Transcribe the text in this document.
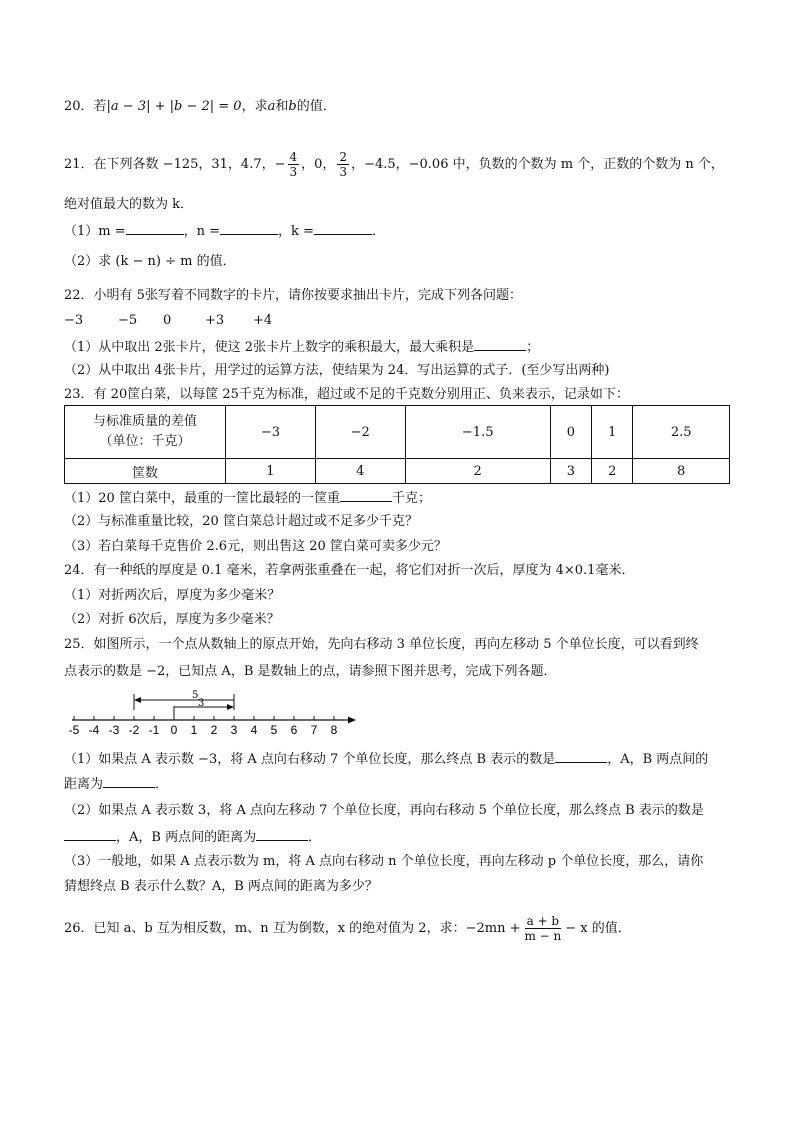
20．若|a − 3| + |b − 2| = 0，求a和b的值．
21．在下列各数 −125，31，4.7，− $\frac{4}{3}$ ，0， $\frac{2}{3}$ ，−4.5，−0.06 中，负数的个数为 m 个，正数的个数为 n 个，
绝对值最大的数为 k．
（1）m =	，n =	，k =	．
（2）求 (k − n) ÷ m 的值．
22．小明有 5张写着不同数字的卡片，请你按要求抽出卡片，完成下列各问题：
−3	−5 0	+3 +4
（1）从中取出 2张卡片，使这 2张卡片上数字的乘积最大，最大乘积是	；
（2）从中取出 4张卡片，用学过的运算方法，使结果为 24．写出运算的式子．(至少写出两种)
23．有 20筐白菜，以每筐 25千克为标准，超过或不足的千克数分别用正、负来表示，记录如下：
与标准质量的差值
（单位：千克）	−3	−2	−1.5	0	1	2.5
筐数	1	4	2	3	2	8
（1）20 筐白菜中，最重的一筐比最轻的一筐重	千克；
（2）与标准重量比较，20 筐白菜总计超过或不足多少千克？
（3）若白菜每千克售价 2.6元，则出售这 20 筐白菜可卖多少元？
24．有一种纸的厚度是 0.1 毫米，若拿两张重叠在一起，将它们对折一次后，厚度为 4×0.1毫米．
（1）对折两次后，厚度为多少毫米？
（2）对折 6次后，厚度为多少毫米？
25．如图所示，一个点从数轴上的原点开始，先向右移动 3 单位长度，再向左移动 5 个单位长度，可以看到终
点表示的数是 −2，已知点 A，B 是数轴上的点，请参照下图并思考，完成下列各题．
-5 -4 -3 -2 -1 0 1 2 3 4 5 6 7 8
5
3
（1）如果点 A 表示数 −3，将 A 点向右移动 7 个单位长度，那么终点 B 表示的数是	，A，B 两点间的
距离为	．
（2）如果点 A 表示数 3，将 A 点向左移动 7 个单位长度，再向右移动 5 个单位长度，那么终点 B 表示的数是
，A，B 两点间的距离为	．
（3）一般地，如果 A 点表示数为 m，将 A 点向右移动 n 个单位长度，再向左移动 p 个单位长度，那么，请你
猜想终点 B 表示什么数？A，B 两点间的距离为多少？
26．已知 a、b 互为相反数，m、n 互为倒数，x 的绝对值为 2，求：$-2mn + \frac{a + b}{m - n} - x$ 的值．
